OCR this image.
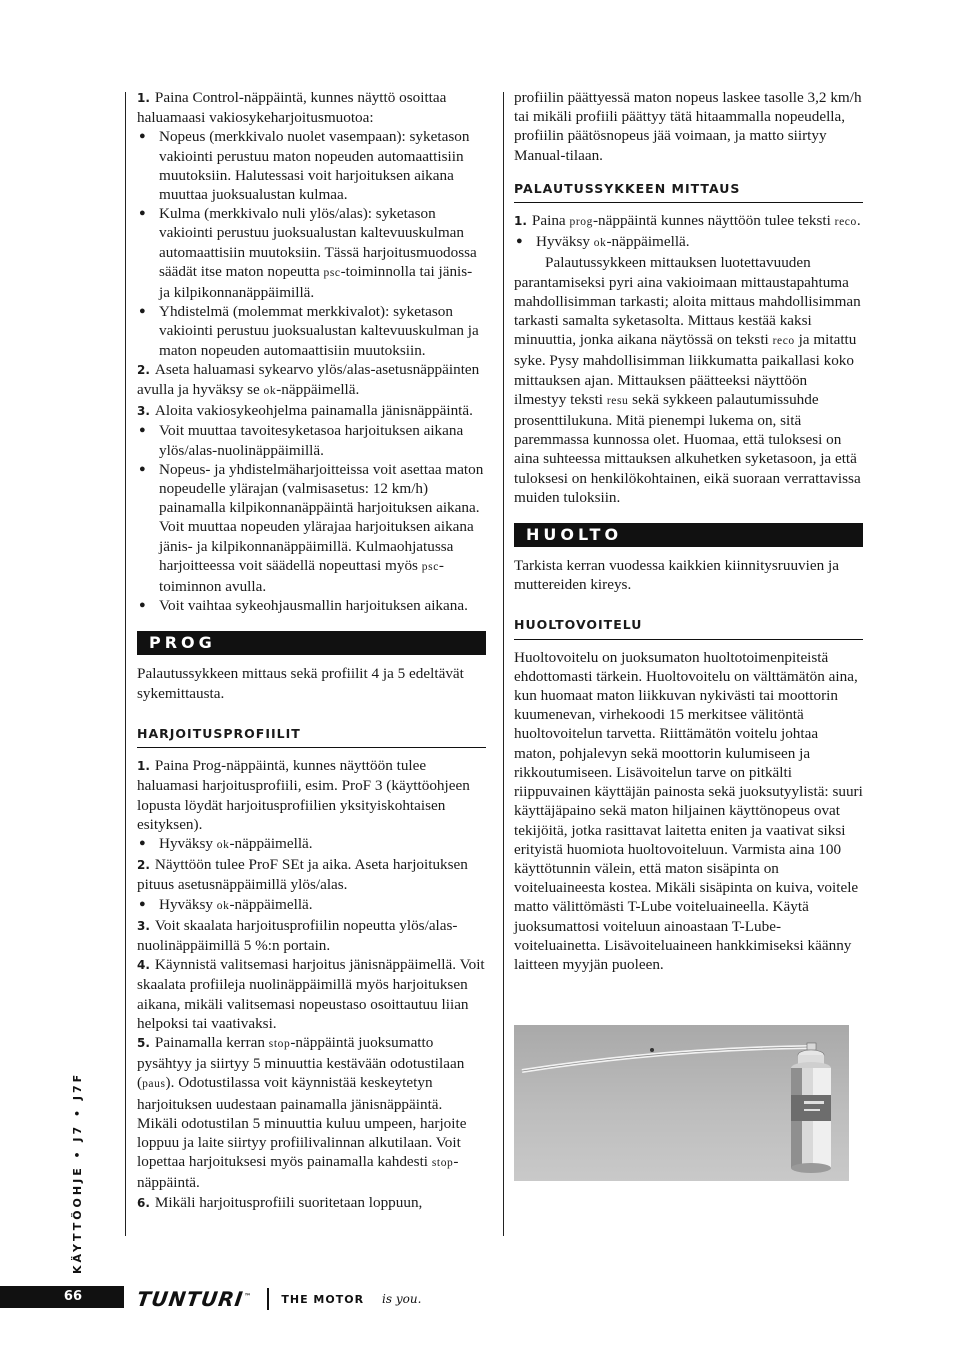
1. Paina Control-näppäintä, kunnes näyttö osoittaa haluamaasi vakiosykeharjoitusmuotoa:

● Nopeus (merkkivalo nuolet vasempaan): syketason vakiointi perustuu maton nopeuden automaattisiin muutoksiin. Halutessasi voit harjoituksen aikana muuttaa juoksualustan kulmaa.

● Kulma (merkkivalo nuli ylös/alas): syketason vakiointi perustuu juoksualustan kaltevuuskulman automaattisiin muutoksiin. Tässä harjoitusmuodossa säädät itse maton nopeutta psc-toiminnolla tai jänis- ja kilpikonnanäppäimillä.

● Yhdistelmä (molemmat merkkivalot): syketason vakiointi perustuu juoksualustan kaltevuuskulman ja maton nopeuden automaattisiin muutoksiin.

2. Aseta haluamasi sykearvo ylös/alas-asetusnäppäinten avulla ja hyväksy se ok-näppäimellä.

3. Aloita vakiosykeohjelma painamalla jänisnäppäintä.

● Voit muuttaa tavoitesyketasoa harjoituksen aikana ylös/alas-nuolinäppäimillä.

● Nopeus- ja yhdistelmäharjoitteissa voit asettaa maton nopeudelle ylärajan (valmisasetus: 12 km/h) painamalla kilpikonnanäppäintä harjoituksen aikana. Voit muuttaa nopeuden ylärajaa harjoituksen aikana jänis- ja kilpikonnanäppäimillä. Kulmaohjatussa harjoitteessa voit säädellä nopeuttasi myös psc-toiminnon avulla.

● Voit vaihtaa sykeohjausmallin harjoituksen aikana.

PROG

Palautussykkeen mittaus sekä profiilit 4 ja 5 edeltävät sykemittausta.

HARJOITUSPROFIILIT

1. Paina Prog-näppäintä, kunnes näyttöön tulee haluamasi harjoitusprofiili, esim. ProF 3 (käyttöohjeen lopusta löydät harjoitusprofiilien yksityiskohtaisen esityksen).

● Hyväksy ok-näppäimellä.

2. Näyttöön tulee ProF SEt ja aika. Aseta harjoituksen pituus asetusnäppäimillä ylös/alas.

● Hyväksy ok-näppäimellä.

3. Voit skaalata harjoitusprofiilin nopeutta ylös/alas-nuolinäppäimillä 5 %:n portain.

4. Käynnistä valitsemasi harjoitus jänisnäppäimellä. Voit skaalata profiileja nuolinäppäimillä myös harjoituksen aikana, mikäli valitsemasi nopeustaso osoittautuu liian helpoksi tai vaativaksi.

5. Painamalla kerran stop-näppäintä juoksumatto pysähtyy ja siirtyy 5 minuuttia kestävään odotustilaan (paus). Odotustilassa voit käynnistää keskeytetyn harjoituksen uudestaan painamalla jänisnäppäintä. Mikäli odotustilan 5 minuuttia kuluu umpeen, harjoite loppuu ja laite siirtyy profiilivalinnan alkutilaan. Voit lopettaa harjoituksesi myös painamalla kahdesti stop-näppäintä.

6. Mikäli harjoitusprofiili suoritetaan loppuun,

profiilin päättyessä maton nopeus laskee tasolle 3,2 km/h tai mikäli profiili päättyy tätä hitaammalla nopeudella, profiilin päätösnopeus jää voimaan, ja matto siirtyy Manual-tilaan.

PALAUTUSSYKKEEN MITTAUS

1. Paina prog-näppäintä kunnes näyttöön tulee teksti reco.

● Hyväksy ok-näppäimellä.

Palautussykkeen mittauksen luotettavuuden parantamiseksi pyri aina vakioimaan mittaustapahtuma mahdollisimman tarkasti; aloita mittaus mahdollisimman tarkasti samalta syketasolta. Mittaus kestää kaksi minuuttia, jonka aikana näytössä on teksti reco ja mitattu syke. Pysy mahdollisimman liikkumatta paikallasi koko mittauksen ajan. Mittauksen päätteeksi näyttöön ilmestyy teksti resu sekä sykkeen palautumissuhde prosenttilukuna. Mitä pienempi lukema on, sitä paremmassa kunnossa olet. Huomaa, että tuloksesi on aina suhteessa mittauksen alkuhetken syketasoon, ja että tuloksesi on henkilökohtainen, eikä suoraan verrattavissa muiden tuloksiin.

HUOLTO

Tarkista kerran vuodessa kaikkien kiinnitysruuvien ja muttereiden kireys.

HUOLTOVOITELU

Huoltovoitelu on juoksumaton huoltotoimenpiteistä ehdottomasti tärkein. Huoltovoitelu on välttämätön aina, kun huomaat maton liikkuvan nykivästi tai moottorin kuumenevan, virhekoodi 15 merkitsee välitöntä huoltovoitelun tarvetta. Riittämätön voitelu johtaa maton, pohjalevyn sekä moottorin kulumiseen ja rikkoutumiseen. Lisävoitelun tarve on pitkälti riippuvainen käyttäjän painosta sekä juoksutyylistä: suuri käyttäjäpaino sekä maton hiljainen käyttönopeus ovat tekijöitä, jotka rasittavat laitetta eniten ja vaativat siksi erityistä huomiota huoltovoiteluun. Varmista aina 100 käyttötunnin välein, että maton sisäpinta on voiteluaineesta kostea. Mikäli sisäpinta on kuiva, voitele matto välittömästi T-Lube voiteluaineella. Käytä juoksumattosi voiteluun ainoastaan T-Lube-voiteluainetta. Lisävoiteluaineen hankkimiseksi käänny laitteen myyjän puoleen.

KÄYTTÖOHJE • J7 • J7F
66	TUNTURI™	THE MOTOR is you.
